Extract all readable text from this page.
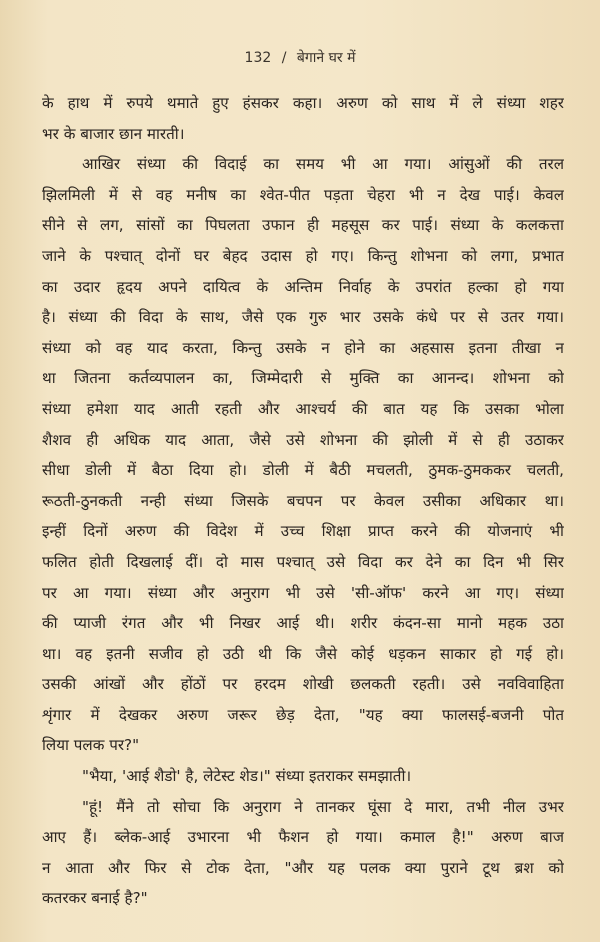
132 / बेगाने घर में
के हाथ में रुपये थमाते हुए हंसकर कहा। अरुण को साथ में ले संध्या शहर
भर के बाजार छान मारती।
आखिर संध्या की विदाई का समय भी आ गया। आंसुओं की तरल
झिलमिली में से वह मनीष का श्वेत-पीत पड़ता चेहरा भी न देख पाई। केवल
सीने से लग, सांसों का पिघलता उफान ही महसूस कर पाई। संध्या के कलकत्ता
जाने के पश्चात् दोनों घर बेहद उदास हो गए। किन्तु शोभना को लगा, प्रभात
का उदार हृदय अपने दायित्व के अन्तिम निर्वाह के उपरांत हल्का हो गया
है। संध्या की विदा के साथ, जैसे एक गुरु भार उसके कंधे पर से उतर गया।
संध्या को वह याद करता, किन्तु उसके न होने का अहसास इतना तीखा न
था जितना कर्तव्यपालन का, जिम्मेदारी से मुक्ति का आनन्द। शोभना को
संध्या हमेशा याद आती रहती और आश्चर्य की बात यह कि उसका भोला
शैशव ही अधिक याद आता, जैसे उसे शोभना की झोली में से ही उठाकर
सीधा डोली में बैठा दिया हो। डोली में बैठी मचलती, ठुमक-ठुमककर चलती,
रूठती-ठुनकती नन्ही संध्या जिसके बचपन पर केवल उसीका अधिकार था।
इन्हीं दिनों अरुण की विदेश में उच्च शिक्षा प्राप्त करने की योजनाएं भी
फलित होती दिखलाई दीं। दो मास पश्चात् उसे विदा कर देने का दिन भी सिर
पर आ गया। संध्या और अनुराग भी उसे 'सी-ऑफ' करने आ गए। संध्या
की प्याजी रंगत और भी निखर आई थी। शरीर कंदन-सा मानो महक उठा
था। वह इतनी सजीव हो उठी थी कि जैसे कोई धड़कन साकार हो गई हो।
उसकी आंखों और होंठों पर हरदम शोखी छलकती रहती। उसे नवविवाहिता
शृंगार में देखकर अरुण जरूर छेड़ देता, "यह क्या फालसई-बजनी पोत
लिया पलक पर?"
"भैया, 'आई शैडो' है, लेटेस्ट शेड।" संध्या इतराकर समझाती।
"हूं! मैंने तो सोचा कि अनुराग ने तानकर घूंसा दे मारा, तभी नील उभर
आए हैं। ब्लेक-आई उभारना भी फैशन हो गया। कमाल है!" अरुण बाज
न आता और फिर से टोक देता, "और यह पलक क्या पुराने टूथ ब्रश को
कतरकर बनाई है?"
